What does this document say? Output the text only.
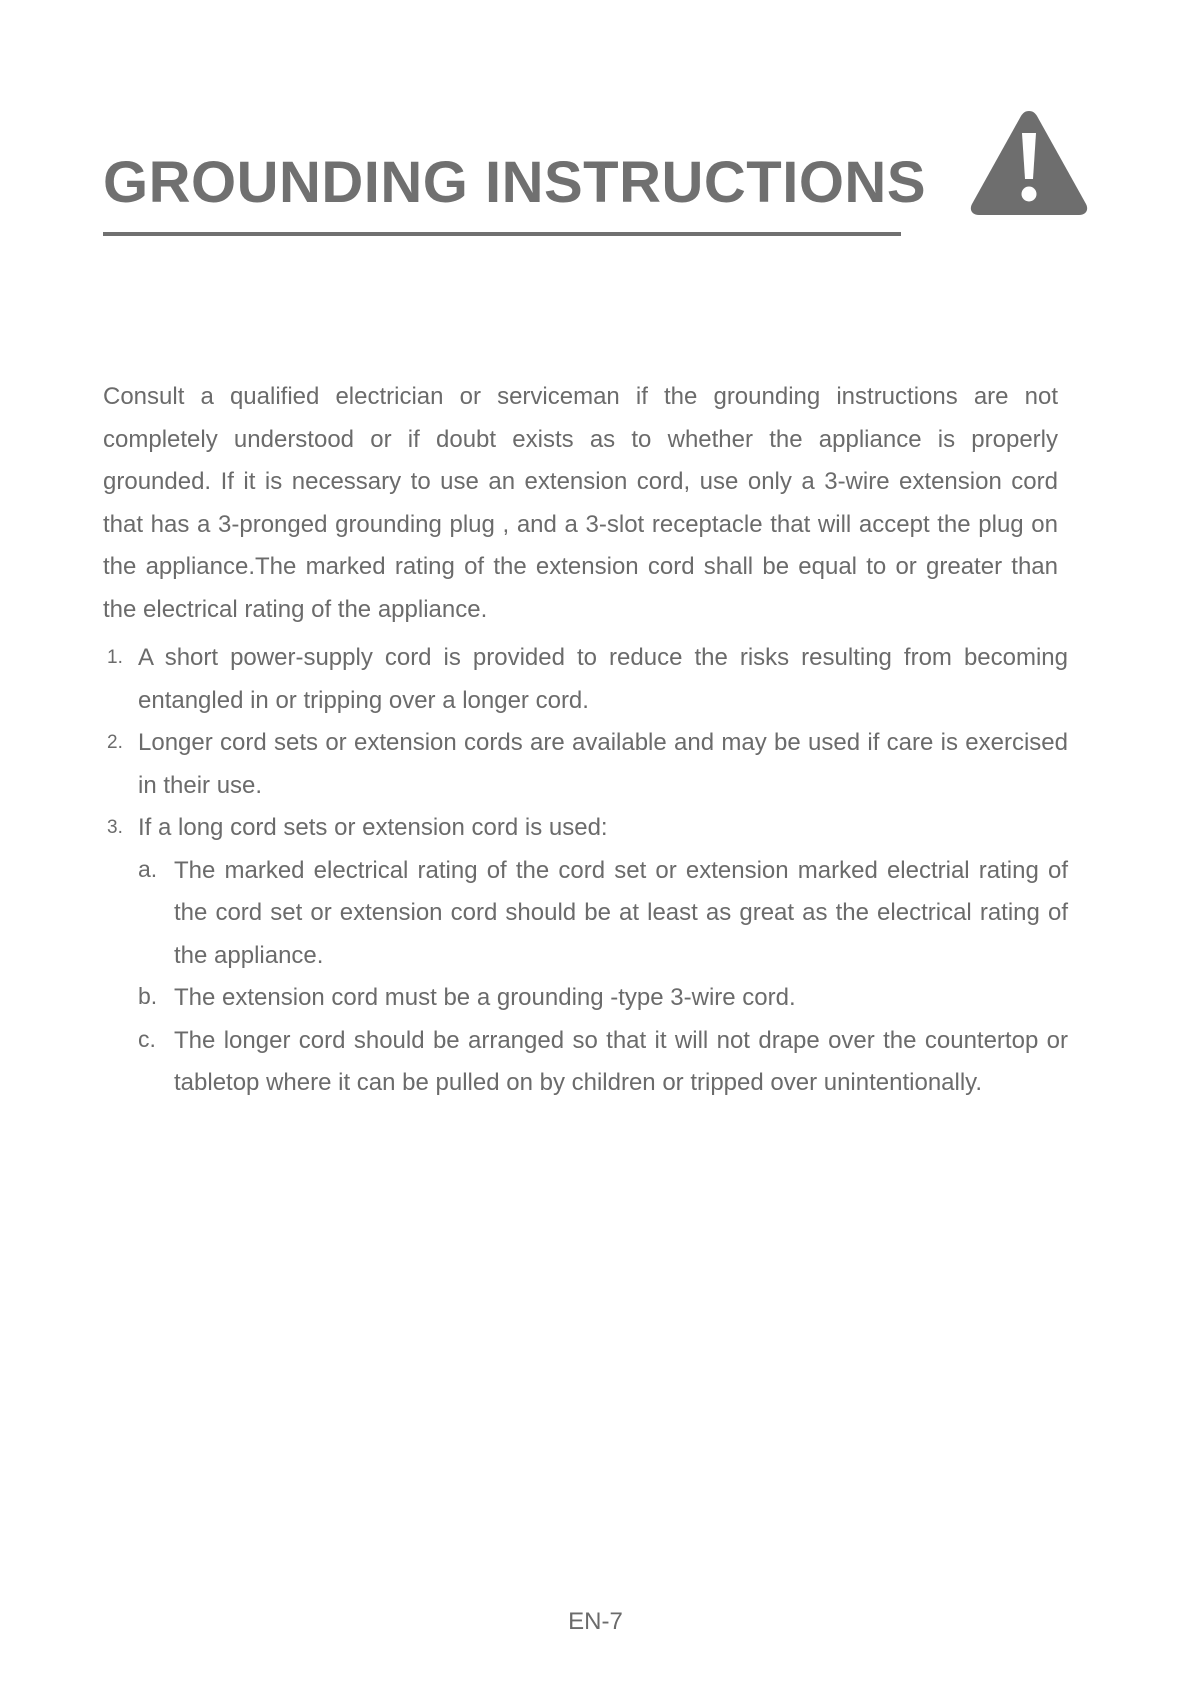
GROUNDING INSTRUCTIONS

Consult a qualified electrician or serviceman if the grounding instructions are not completely understood or if doubt exists as to whether the appliance is properly grounded. If it is necessary to use an extension cord, use only a 3-wire extension cord that has a 3-pronged grounding plug , and a 3-slot receptacle that will accept the plug on the appliance.The marked rating of the extension cord shall be equal to or greater than the electrical rating of the appliance.

1. A short power-supply cord is provided to reduce the risks resulting from becoming entangled in or tripping over a longer cord.
2. Longer cord sets or extension cords are available and may be used if care is exercised in their use.
3. If a long cord sets or extension cord is used:
a. The marked electrical rating of the cord set or extension marked electrial rating of the cord set or extension cord should be at least as great as the electrical rating of the appliance.
b. The extension cord must be a grounding -type 3-wire cord.
c. The longer cord should be arranged so that it will not drape over the countertop or tabletop where it can be pulled on by children or tripped over unintentionally.
EN-7
